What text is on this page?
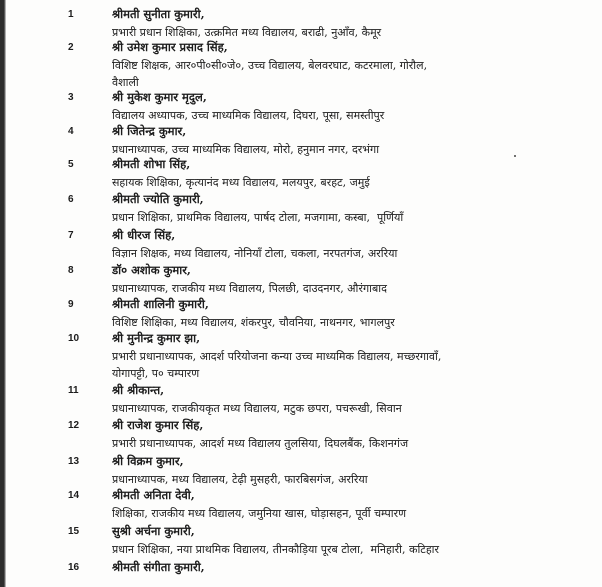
1	श्रीमती सुनीता कुमारी,
प्रभारी प्रधान शिक्षिका, उत्क्रमित मध्य विद्यालय, बराढी, नुआँव, कैमूर
2	श्री उमेश कुमार प्रसाद सिंह,
विशिष्ट शिक्षक, आर०पी०सी०जे०, उच्च विद्यालय, बेलवरघाट, कटरमाला, गोरौल,
वैशाली
3	श्री मुकेश कुमार मृदुल,
विद्यालय अध्यापक, उच्च माध्यमिक विद्यालय, दिघरा, पूसा, समस्तीपुर
4	श्री जितेन्द्र कुमार,
प्रधानाध्यापक, उच्च माध्यमिक विद्यालय, मोरो, हनुमान नगर, दरभंगा
5	श्रीमती शोभा सिंह,
सहायक शिक्षिका, कृत्यानंद मध्य विद्यालय, मलयपुर, बरहट, जमुई
6	श्रीमती ज्योति कुमारी,
प्रधान शिक्षिका, प्राथमिक विद्यालय, पार्षद टोला, मजगामा, कस्बा,  पूर्णियाँ
7	श्री धीरज सिंह,
विज्ञान शिक्षक, मध्य विद्यालय, नोनियाँ टोला, चकला, नरपतगंज, अररिया
8	डॉ० अशोक कुमार,
प्रधानाध्यापक, राजकीय मध्य विद्यालय, पिलछी, दाउदनगर, औरंगाबाद
9	श्रीमती शालिनी कुमारी,
विशिष्ट शिक्षिका, मध्य विद्यालय, शंकरपुर, चौवनिया, नाथनगर, भागलपुर
10	श्री मुनीन्द्र कुमार झा,
प्रभारी प्रधानाध्यापक, आदर्श परियोजना कन्या उच्च माध्यमिक विद्यालय, मच्छरगावाँ,
योगापट्टी, प० चम्पारण
11	श्री श्रीकान्त,
प्रधानाध्यापक, राजकीयकृत मध्य विद्यालय, मटुक छपरा, पचरूखी, सिवान
12	श्री राजेश कुमार सिंह,
प्रभारी प्रधानाध्यापक, आदर्श मध्य विद्यालय तुलसिया, दिघलबैंक, किशनगंज
13	श्री विक्रम कुमार,
प्रधानाध्यापक, मध्य विद्यालय, टेढ़ी मुसहरी, फारबिसगंज, अररिया
14	श्रीमती अनिता देवी,
शिक्षिका, राजकीय मध्य विद्यालय, जमुनिया खास, घोड़ासहन, पूर्वी चम्पारण
15	सुश्री अर्चना कुमारी,
प्रधान शिक्षिका, नया प्राथमिक विद्यालय, तीनकौड़िया पूरब टोला,  मनिहारी, कटिहार
16	श्रीमती संगीता कुमारी,
